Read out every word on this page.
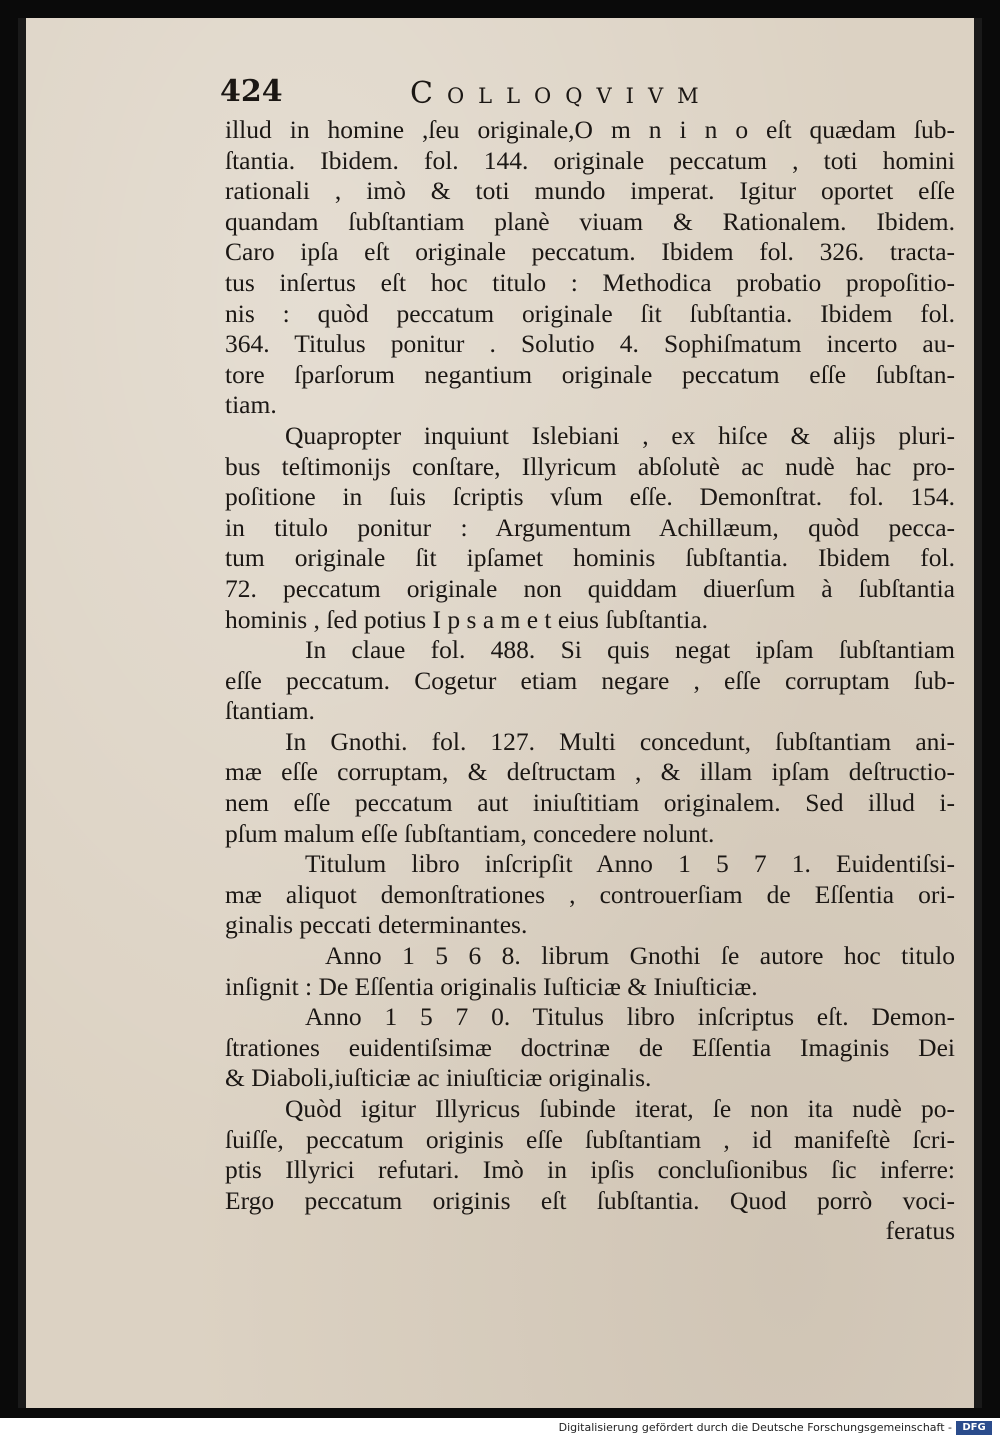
424	Colloqvivm
illud in homine ,ſeu originale,O m n i n o eſt quædam ſub-
ſtantia. Ibidem. fol. 144. originale peccatum , toti homini
rationali , imò & toti mundo imperat. Igitur oportet eſſe
quandam ſubſtantiam planè viuam & Rationalem. Ibidem.
Caro ipſa eſt originale peccatum. Ibidem fol. 326. tracta-
tus inſertus eſt hoc titulo : Methodica probatio propoſitio-
nis : quòd peccatum originale ſit ſubſtantia. Ibidem fol.
364. Titulus ponitur . Solutio 4. Sophiſmatum incerto au-
tore ſparſorum negantium originale peccatum eſſe ſubſtan-
tiam.
Quapropter inquiunt Islebiani , ex hiſce & alijs pluri-
bus teſtimonijs conſtare, Illyricum abſolutè ac nudè hac pro-
poſitione in ſuis ſcriptis vſum eſſe. Demonſtrat. fol. 154.
in titulo ponitur : Argumentum Achillæum, quòd pecca-
tum originale ſit ipſamet hominis ſubſtantia. Ibidem fol.
72. peccatum originale non quiddam diuerſum à ſubſtantia
hominis , ſed potius I p s a m e t eius ſubſtantia.
In claue fol. 488. Si quis negat ipſam ſubſtantiam
eſſe peccatum. Cogetur etiam negare , eſſe corruptam ſub-
ſtantiam.
In Gnothi. fol. 127. Multi concedunt, ſubſtantiam ani-
mæ eſſe corruptam, & deſtructam , & illam ipſam deſtructio-
nem eſſe peccatum aut iniuſtitiam originalem. Sed illud i-
pſum malum eſſe ſubſtantiam, concedere nolunt.
Titulum libro inſcripſit Anno 1 5 7 1. Euidentiſsi-
mæ aliquot demonſtrationes , controuerſiam de Eſſentia ori-
ginalis peccati determinantes.
Anno 1 5 6 8. librum Gnothi ſe autore hoc titulo
inſignit : De Eſſentia originalis Iuſticiæ & Iniuſticiæ.
Anno 1 5 7 0. Titulus libro inſcriptus eſt. Demon-
ſtrationes euidentiſsimæ doctrinæ de Eſſentia Imaginis Dei
& Diaboli,iuſticiæ ac iniuſticiæ originalis.
Quòd igitur Illyricus ſubinde iterat, ſe non ita nudè po-
ſuiſſe, peccatum originis eſſe ſubſtantiam , id manifeſtè ſcri-
ptis Illyrici refutari. Imò in ipſis concluſionibus ſic inferre:
Ergo peccatum originis eſt ſubſtantia. Quod porrò voci-
feratus
Digitalisierung gefördert durch die Deutsche Forschungsgemeinschaft -	DFG
